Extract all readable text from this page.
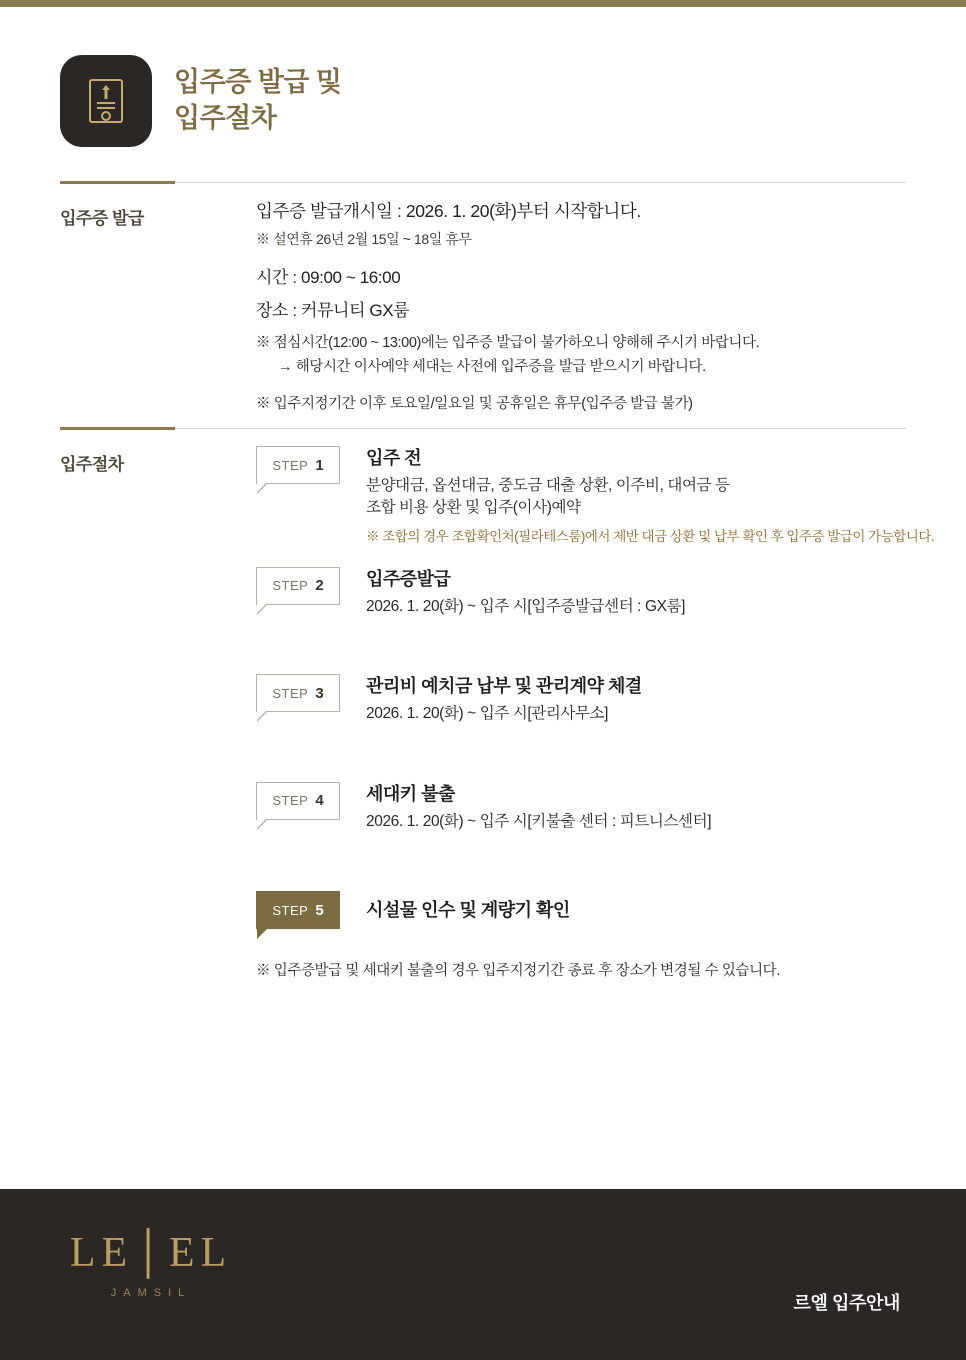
입주증 발급 및
입주절차
입주증 발급	입주증 발급개시일 : 2026. 1. 20(화)부터 시작합니다.
※ 설연휴 26년 2월 15일 ~ 18일 휴무
시간 : 09:00 ~ 16:00
장소 : 커뮤니티 GX룸
※ 점심시간(12:00 ~ 13:00)에는 입주증 발급이 불가하오니 양해해 주시기 바랍니다.
→ 해당시간 이사예약 세대는 사전에 입주증을 발급 받으시기 바랍니다.
※ 입주지정기간 이후 토요일/일요일 및 공휴일은 휴무(입주증 발급 불가)
입주절차	STEP 1 입주 전
분양대금, 옵션대금, 중도금 대출 상환, 이주비, 대여금 등
조합 비용 상환 및 입주(이사)예약
※ 조합의 경우 조합확인처(필라테스룸)에서 제반 대금 상환 및 납부 확인 후 입주증 발급이 가능합니다.
STEP 2 입주증발급
2026. 1. 20(화) ~ 입주 시[입주증발급센터 : GX룸]
STEP 3 관리비 예치금 납부 및 관리계약 체결
2026. 1. 20(화) ~ 입주 시[관리사무소]
STEP 4 세대키 불출
2026. 1. 20(화) ~ 입주 시[키불출 센터 : 피트니스센터]
STEP 5 시설물 인수 및 계량기 확인
※ 입주증발급 및 세대키 불출의 경우 입주지정기간 종료 후 장소가 변경될 수 있습니다.
LE│EL
JAMSIL	르엘 입주안내
